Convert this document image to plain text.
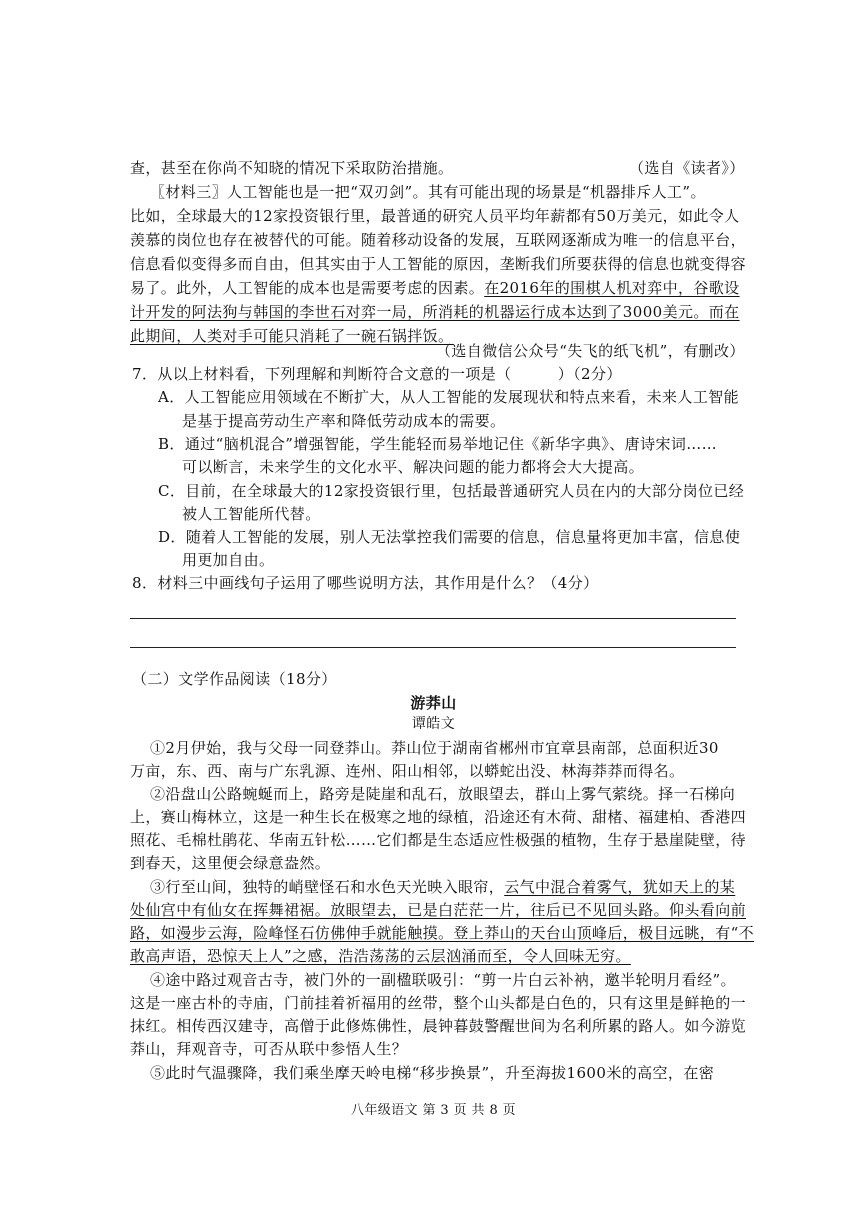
查，甚至在你尚不知晓的情况下采取防治措施。	（选自《读者》）
〖材料三〗人工智能也是一把“双刃剑”。其有可能出现的场景是“机器排斥人工”。
比如，全球最大的12家投资银行里，最普通的研究人员平均年薪都有50万美元，如此令人
羡慕的岗位也存在被替代的可能。随着移动设备的发展，互联网逐渐成为唯一的信息平台，
信息看似变得多而自由，但其实由于人工智能的原因，垄断我们所要获得的信息也就变得容
易了。此外，人工智能的成本也是需要考虑的因素。在2016年的围棋人机对弈中，谷歌设
计开发的阿法狗与韩国的李世石对弈一局，所消耗的机器运行成本达到了3000美元。而在
此期间，人类对手可能只消耗了一碗石锅拌饭。
（选自微信公众号“失飞的纸飞机”，有删改）
7．从以上材料看，下列理解和判断符合文意的一项是（　　　）（2分）
A．人工智能应用领域在不断扩大，从人工智能的发展现状和特点来看，未来人工智能
是基于提高劳动生产率和降低劳动成本的需要。
B．通过“脑机混合”增强智能，学生能轻而易举地记住《新华字典》、唐诗宋词……
可以断言，未来学生的文化水平、解决问题的能力都将会大大提高。
C．目前，在全球最大的12家投资银行里，包括最普通研究人员在内的大部分岗位已经
被人工智能所代替。
D．随着人工智能的发展，别人无法掌控我们需要的信息，信息量将更加丰富，信息使
用更加自由。
8．材料三中画线句子运用了哪些说明方法，其作用是什么？（4分）
（二）文学作品阅读（18分）
游莽山
谭皓文
①2月伊始，我与父母一同登莽山。莽山位于湖南省郴州市宜章县南部，总面积近30
万亩，东、西、南与广东乳源、连州、阳山相邻，以蟒蛇出没、林海莽莽而得名。
②沿盘山公路蜿蜒而上，路旁是陡崖和乱石，放眼望去，群山上雾气萦绕。择一石梯向
上，赛山梅林立，这是一种生长在极寒之地的绿植，沿途还有木荷、甜楮、福建柏、香港四
照花、毛棉杜鹃花、华南五针松……它们都是生态适应性极强的植物，生存于悬崖陡壁，待
到春天，这里便会绿意盎然。
③行至山间，独特的峭壁怪石和水色天光映入眼帘，云气中混合着雾气，犹如天上的某
处仙宫中有仙女在挥舞裙裾。放眼望去，已是白茫茫一片，往后已不见回头路。仰头看向前
路，如漫步云海，险峰怪石仿佛伸手就能触摸。登上莽山的天台山顶峰后，极目远眺，有“不
敢高声语，恐惊天上人”之感，浩浩荡荡的云层汹涌而至，令人回味无穷。
④途中路过观音古寺，被门外的一副楹联吸引：“剪一片白云补衲，邀半轮明月看经”。
这是一座古朴的寺庙，门前挂着祈福用的丝带，整个山头都是白色的，只有这里是鲜艳的一
抹红。相传西汉建寺，高僧于此修炼佛性，晨钟暮鼓警醒世间为名利所累的路人。如今游览
莽山，拜观音寺，可否从联中参悟人生？
⑤此时气温骤降，我们乘坐摩天岭电梯“移步换景”，升至海拔1600米的高空，在密
八年级语文 第 3 页 共 8 页
